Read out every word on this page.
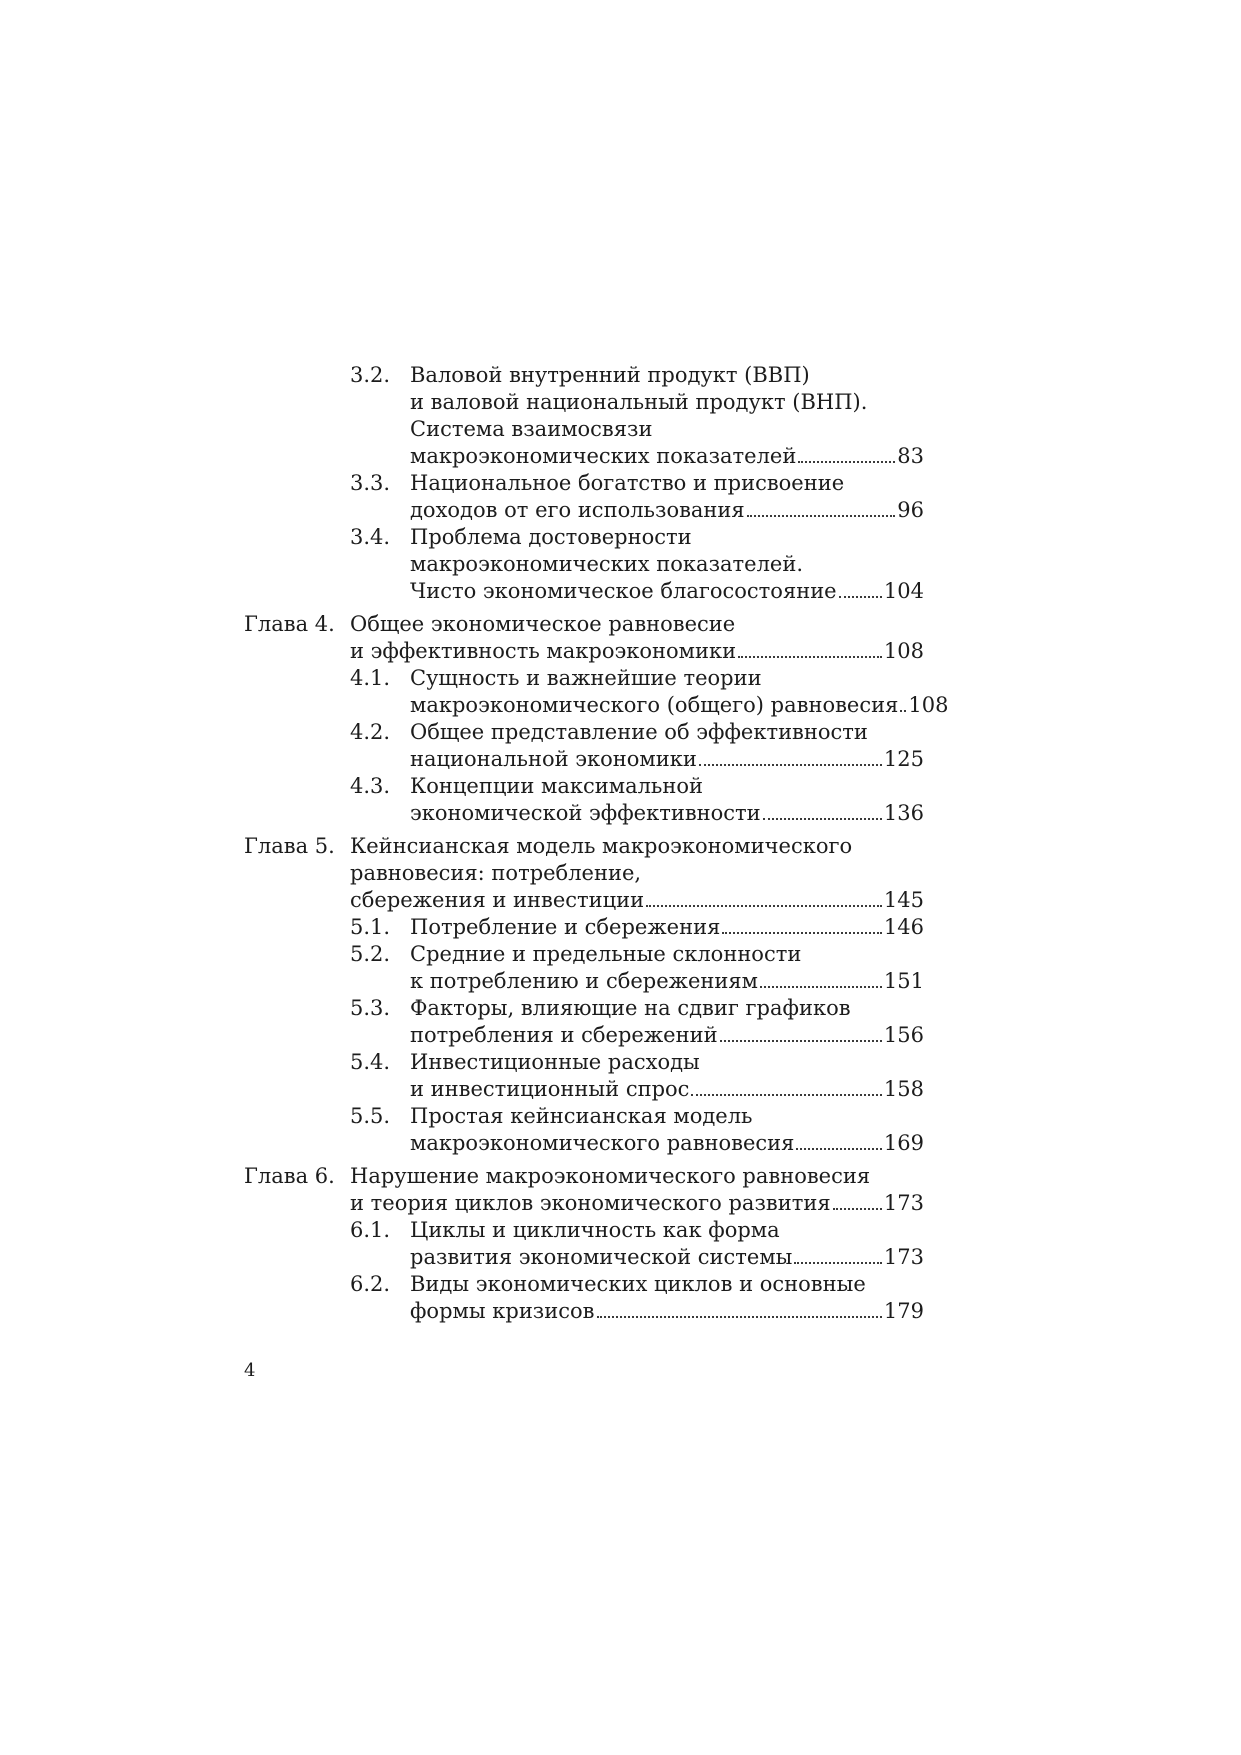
3.2. Валовой внутренний продукт (ВВП)
и валовой национальный продукт (ВНП).
Система взаимосвязи
макроэкономических показателей	83
3.3. Национальное богатство и присвоение
доходов от его использования	96
3.4. Проблема достоверности
макроэкономических показателей.
Чисто экономическое благосостояние 104
Глава 4. Общее экономическое равновесие
и эффективность макроэкономики	108
4.1. Сущность и важнейшие теории
макроэкономического (общего) равновесия 108
4.2. Общее представление об эффективности
национальной экономики	125
4.3. Концепции максимальной
экономической эффективности	136
Глава 5. Кейнсианская модель макроэкономического
равновесия: потребление,
сбережения и инвестиции	145
5.1. Потребление и сбережения	146
5.2. Средние и предельные склонности
к потреблению и сбережениям	151
5.3. Факторы, влияющие на сдвиг графиков
потребления и сбережений	156
5.4. Инвестиционные расходы
и инвестиционный спрос	158
5.5. Простая кейнсианская модель
макроэкономического равновесия	169
Глава 6. Нарушение макроэкономического равновесия
и теория циклов экономического развития	173
6.1. Циклы и цикличность как форма
развития экономической системы	173
6.2. Виды экономических циклов и основные
формы кризисов	179
4
